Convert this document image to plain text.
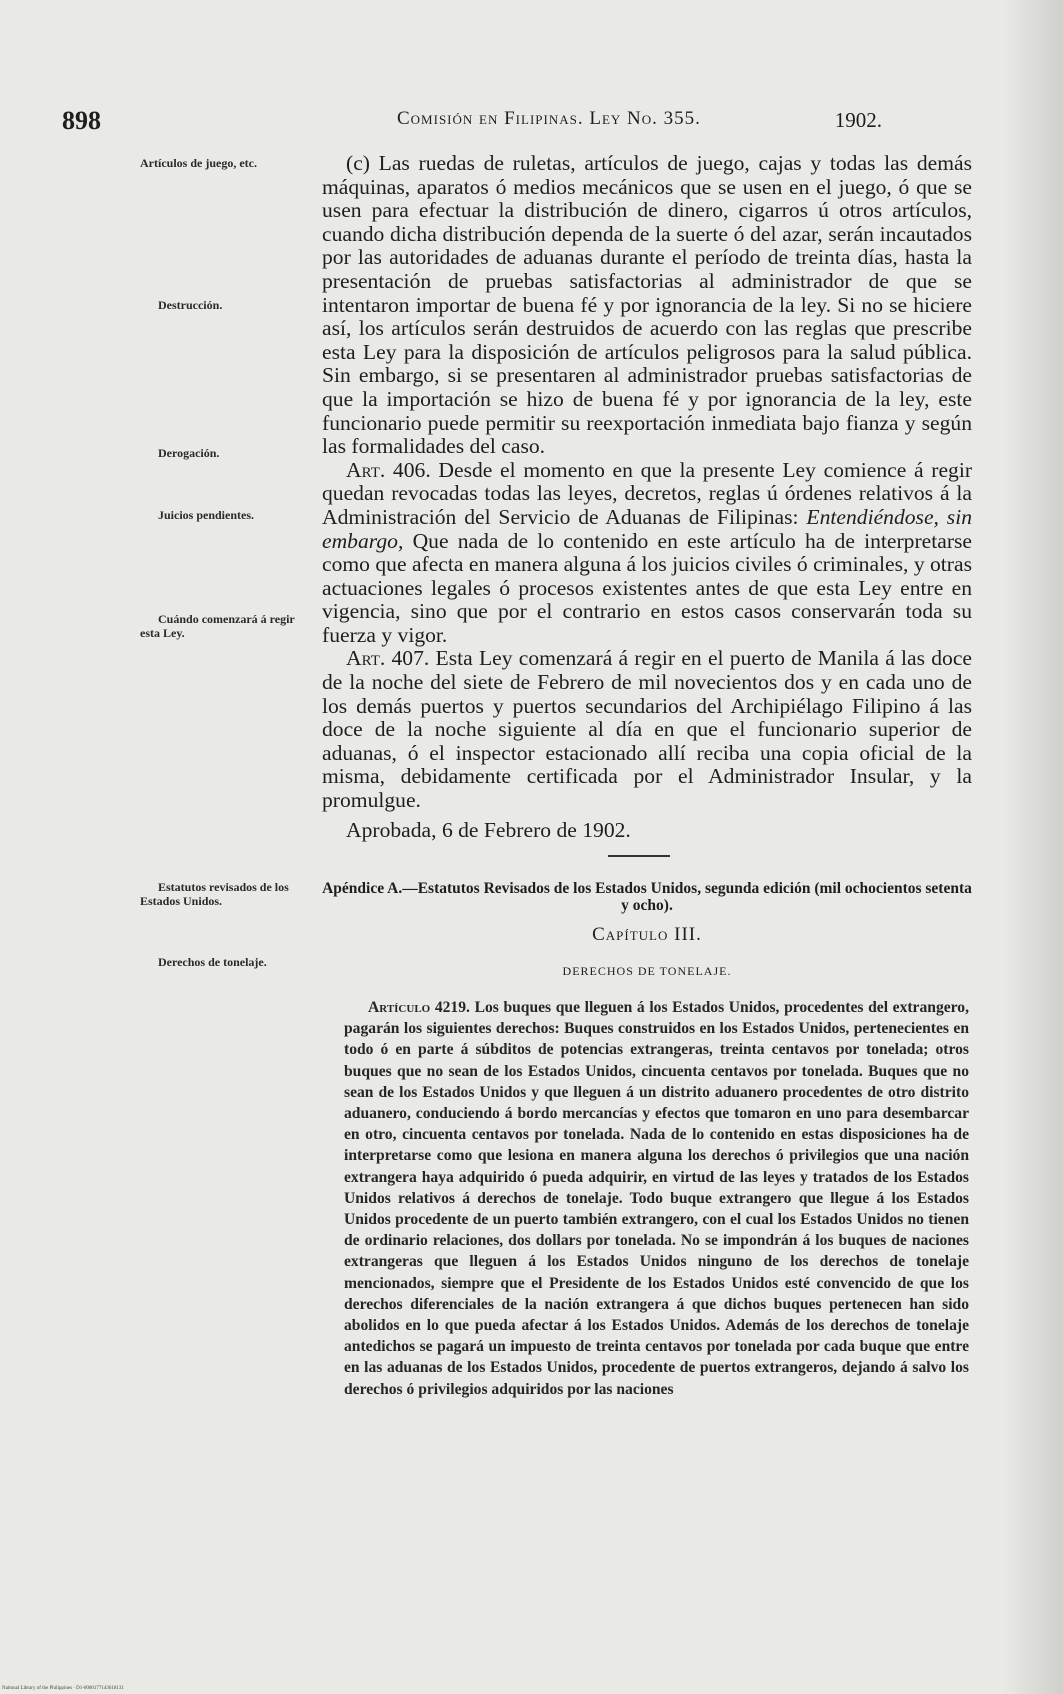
898	Comisión en Filipinas. Ley No. 355.	1902.
Artículos de juego, etc.
Destrucción.
Derogación.
Juicios pendientes.
Cuándo comenzará á regir esta Ley.
Estatutos revisados de los Estados Unidos.
Derechos de tonelaje.

(c) Las ruedas de ruletas, artículos de juego, cajas y todas las demás máquinas, aparatos ó medios mecánicos que se usen en el juego, ó que se usen para efectuar la distribución de dinero, cigarros ú otros artículos, cuando dicha distribución dependa de la suerte ó del azar, serán incautados por las autoridades de aduanas durante el período de treinta días, hasta la presentación de pruebas satisfactorias al administrador de que se intentaron importar de buena fé y por ignorancia de la ley. Si no se hiciere así, los artículos serán destruidos de acuerdo con las reglas que prescribe esta Ley para la disposición de artículos peligrosos para la salud pública. Sin embargo, si se presentaren al administrador pruebas satisfactorias de que la importación se hizo de buena fé y por ignorancia de la ley, este funcionario puede permitir su reexportación inmediata bajo fianza y según las formalidades del caso.

Art. 406. Desde el momento en que la presente Ley comience á regir quedan revocadas todas las leyes, decretos, reglas ú órdenes relativos á la Administración del Servicio de Aduanas de Filipinas: Entendiéndose, sin embargo, Que nada de lo contenido en este artículo ha de interpretarse como que afecta en manera alguna á los juicios civiles ó criminales, y otras actuaciones legales ó procesos existentes antes de que esta Ley entre en vigencia, sino que por el contrario en estos casos conservarán toda su fuerza y vigor.

Art. 407. Esta Ley comenzará á regir en el puerto de Manila á las doce de la noche del siete de Febrero de mil novecientos dos y en cada uno de los demás puertos y puertos secundarios del Archipiélago Filipino á las doce de la noche siguiente al día en que el funcionario superior de aduanas, ó el inspector estacionado allí reciba una copia oficial de la misma, debidamente certificada por el Administrador Insular, y la promulgue.

Aprobada, 6 de Febrero de 1902.

Apéndice A.—Estatutos Revisados de los Estados Unidos, segunda edición (mil ochocientos setenta y ocho).
Capítulo III.
DERECHOS DE TONELAJE.

Artículo 4219. Los buques que lleguen á los Estados Unidos, procedentes del extrangero, pagarán los siguientes derechos: Buques construidos en los Estados Unidos, pertenecientes en todo ó en parte á súbditos de potencias extrangeras, treinta centavos por tonelada; otros buques que no sean de los Estados Unidos, cincuenta centavos por tonelada. Buques que no sean de los Estados Unidos y que lleguen á un distrito aduanero procedentes de otro distrito aduanero, conduciendo á bordo mercancías y efectos que tomaron en uno para desembarcar en otro, cincuenta centavos por tonelada. Nada de lo contenido en estas disposiciones ha de interpretarse como que lesiona en manera alguna los derechos ó privilegios que una nación extrangera haya adquirido ó pueda adquirir, en virtud de las leyes y tratados de los Estados Unidos relativos á derechos de tonelaje. Todo buque extrangero que llegue á los Estados Unidos procedente de un puerto también extrangero, con el cual los Estados Unidos no tienen de ordinario relaciones, dos dollars por tonelada. No se impondrán á los buques de naciones extrangeras que lleguen á los Estados Unidos ninguno de los derechos de tonelaje mencionados, siempre que el Presidente de los Estados Unidos esté convencido de que los derechos diferenciales de la nación extrangera á que dichos buques pertenecen han sido abolidos en lo que pueda afectar á los Estados Unidos. Además de los derechos de tonelaje antedichos se pagará un impuesto de treinta centavos por tonelada por cada buque que entre en las aduanas de los Estados Unidos, procedente de puertos extrangeros, dejando á salvo los derechos ó privilegios adquiridos por las naciones

National Library of the Philippines · D1-0000177143618131
